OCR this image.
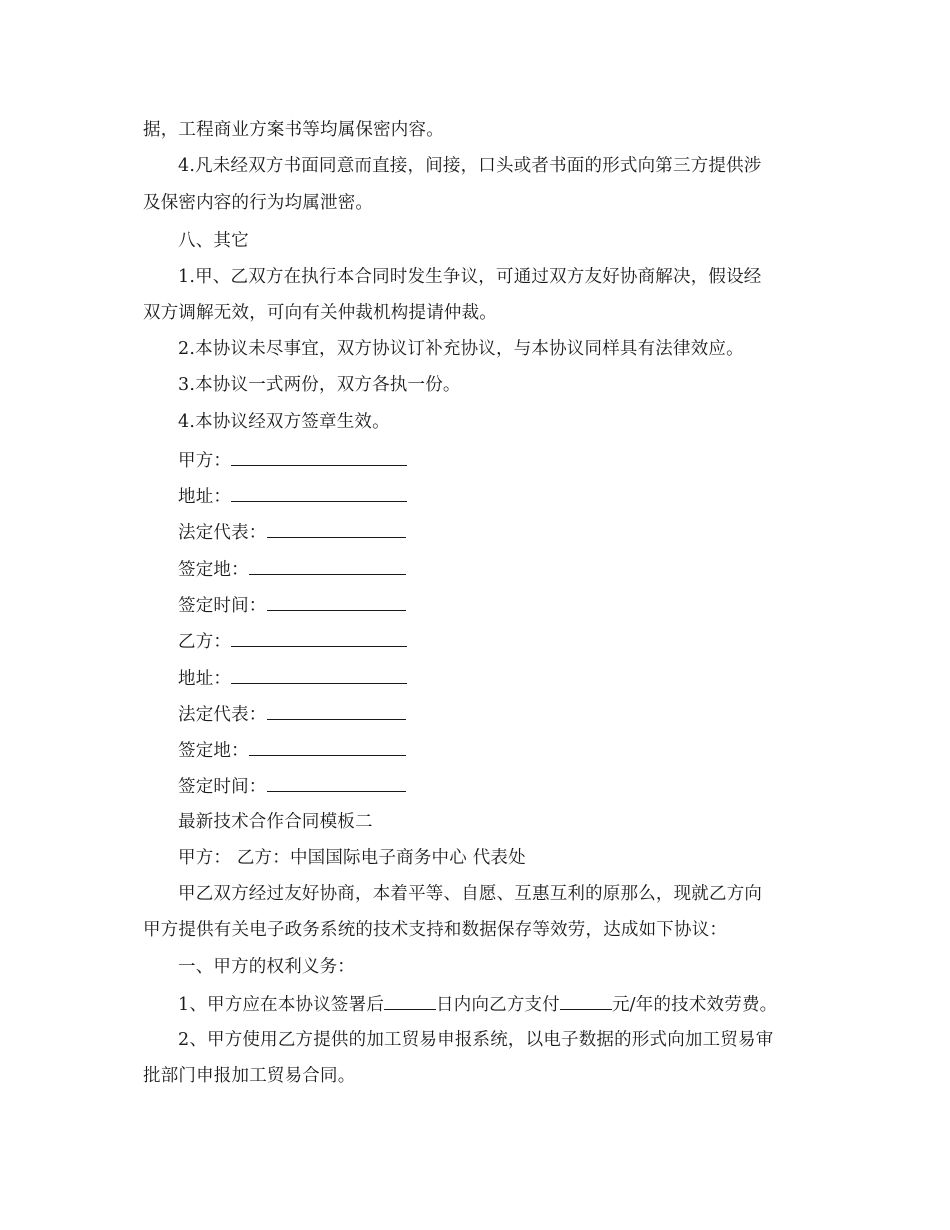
据，工程商业方案书等均属保密内容。
4.凡未经双方书面同意而直接，间接，口头或者书面的形式向第三方提供涉
及保密内容的行为均属泄密。
八、其它
1.甲、乙双方在执行本合同时发生争议，可通过双方友好协商解决，假设经
双方调解无效，可向有关仲裁机构提请仲裁。
2.本协议未尽事宜，双方协议订补充协议，与本协议同样具有法律效应。
3.本协议一式两份，双方各执一份。
4.本协议经双方签章生效。
甲方：
地址：
法定代表：
签定地：
签定时间：
乙方：
地址：
法定代表：
签定地：
签定时间：
最新技术合作合同模板二
甲方： 乙方：中国国际电子商务中心 代表处
甲乙双方经过友好协商，本着平等、自愿、互惠互利的原那么，现就乙方向
甲方提供有关电子政务系统的技术支持和数据保存等效劳，达成如下协议：
一、甲方的权利义务：
1、甲方应在本协议签署后	日内向乙方支付	元/年的技术效劳费。
2、甲方使用乙方提供的加工贸易申报系统，以电子数据的形式向加工贸易审
批部门申报加工贸易合同。
